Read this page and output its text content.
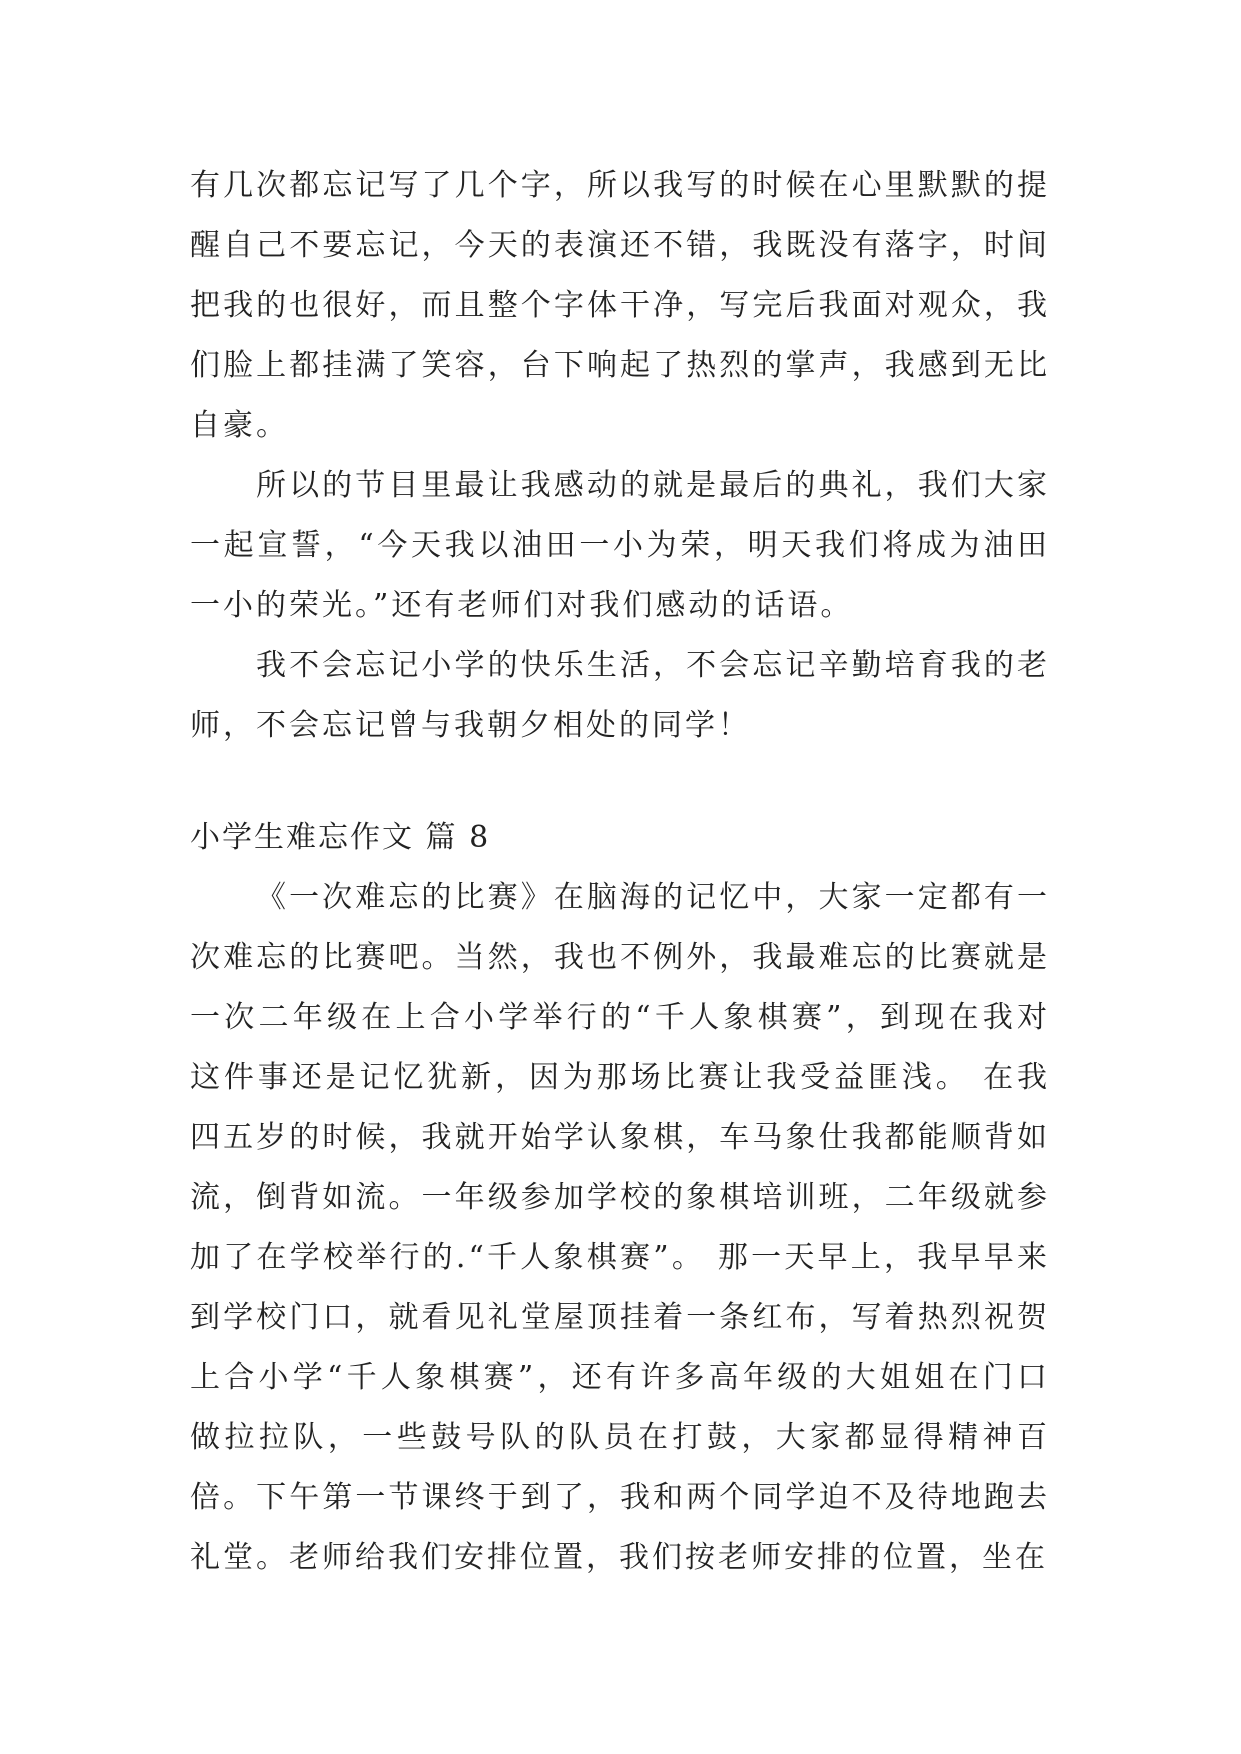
有几次都忘记写了几个字，所以我写的时候在心里默默的提醒自己不要忘记，今天的表演还不错，我既没有落字，时间把我的也很好，而且整个字体干净，写完后我面对观众，我们脸上都挂满了笑容，台下响起了热烈的掌声，我感到无比自豪。

所以的节目里最让我感动的就是最后的典礼，我们大家一起宣誓，“今天我以油田一小为荣，明天我们将成为油田一小的荣光。”还有老师们对我们感动的话语。

我不会忘记小学的快乐生活，不会忘记辛勤培育我的老师，不会忘记曾与我朝夕相处的同学！

小学生难忘作文 篇 8

《一次难忘的比赛》在脑海的记忆中，大家一定都有一次难忘的比赛吧。当然，我也不例外，我最难忘的比赛就是一次二年级在上合小学举行的“千人象棋赛”，到现在我对这件事还是记忆犹新，因为那场比赛让我受益匪浅。 在我四五岁的时候，我就开始学认象棋，车马象仕我都能顺背如流，倒背如流。一年级参加学校的象棋培训班，二年级就参加了在学校举行的.“千人象棋赛”。 那一天早上，我早早来到学校门口，就看见礼堂屋顶挂着一条红布，写着热烈祝贺上合小学“千人象棋赛”，还有许多高年级的大姐姐在门口做拉拉队，一些鼓号队的队员在打鼓，大家都显得精神百倍。下午第一节课终于到了，我和两个同学迫不及待地跑去礼堂。老师给我们安排位置，我们按老师安排的位置，坐在
